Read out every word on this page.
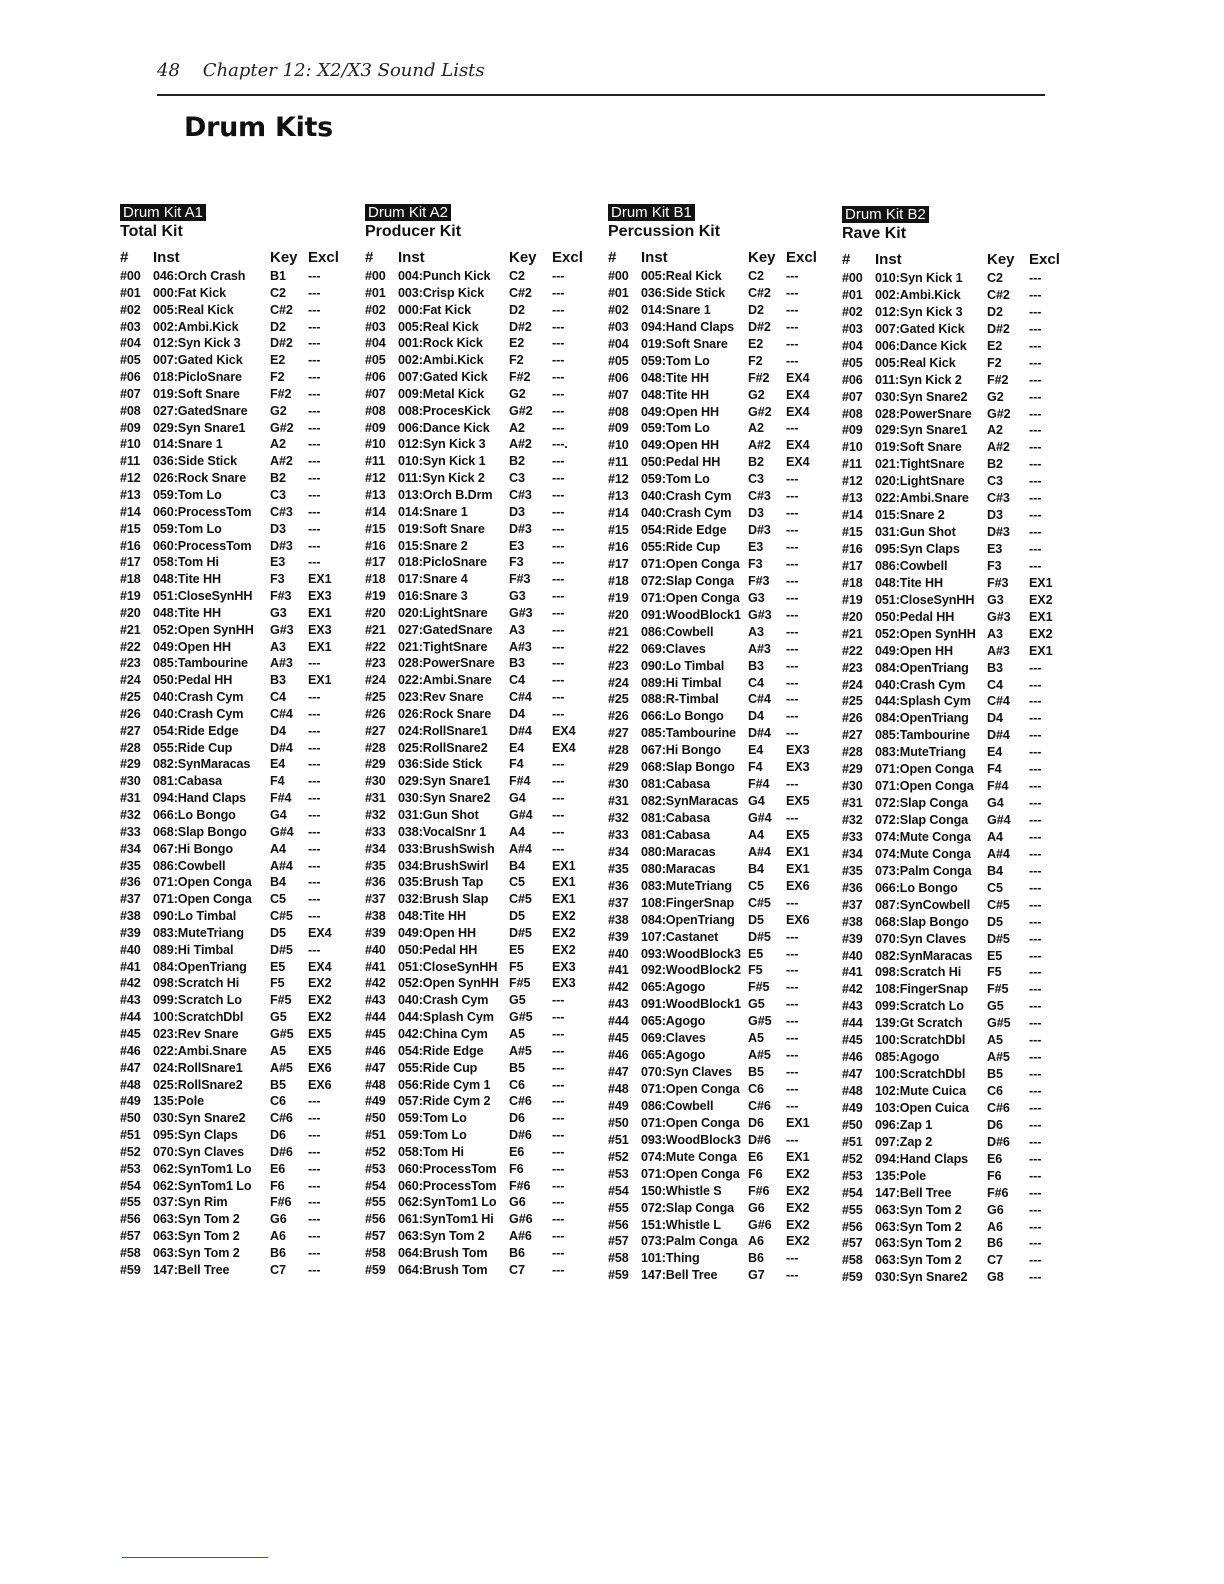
48 Chapter 12: X2/X3 Sound Lists
Drum Kits
Drum Kit A1
Total Kit
# Inst	Key Excl
#00 046:Orch Crash B1 ---
#01 000:Fat Kick	C2 ---
#02 005:Real Kick	C#2 ---
#03 002:Ambi.Kick	D2 ---
#04 012:Syn Kick 3 D#2 ---
#05 007:Gated Kick E2 ---
#06 018:PicloSnare F2 ---
#07 019:Soft Snare F#2 ---
#08 027:GatedSnare G2 ---
#09 029:Syn Snare1 G#2 ---
#10 014:Snare 1	A2 ---
#11 036:Side Stick	A#2 ---
#12 026:Rock Snare B2 ---
#13 059:Tom Lo	C3 ---
#14 060:ProcessTom C#3 ---
#15 059:Tom Lo	D3 ---
#16 060:ProcessTom D#3 ---
#17 058:Tom Hi	E3 ---
#18 048:Tite HH	F3 EX1
#19 051:CloseSynHH F#3 EX3
#20 048:Tite HH	G3 EX1
#21 052:Open SynHH G#3 EX3
#22 049:Open HH	A3 EX1
#23 085:Tambourine A#3 ---
#24 050:Pedal HH	B3 EX1
#25 040:Crash Cym C4 ---
#26 040:Crash Cym C#4 ---
#27 054:Ride Edge	D4 ---
#28 055:Ride Cup	D#4 ---
#29 082:SynMaracas E4 ---
#30 081:Cabasa	F4 ---
#31 094:Hand Claps F#4 ---
#32 066:Lo Bongo	G4 ---
#33 068:Slap Bongo G#4 ---
#34 067:Hi Bongo	A4 ---
#35 086:Cowbell	A#4 ---
#36 071:Open Conga B4 ---
#37 071:Open Conga C5 ---
#38 090:Lo Timbal	C#5 ---
#39 083:MuteTriang D5 EX4
#40 089:Hi Timbal	D#5 ---
#41 084:OpenTriang E5 EX4
#42 098:Scratch Hi F5 EX2
#43 099:Scratch Lo F#5 EX2
#44 100:ScratchDbl G5 EX2
#45 023:Rev Snare G#5 EX5
#46 022:Ambi.Snare A5 EX5
#47 024:RollSnare1 A#5 EX6
#48 025:RollSnare2 B5 EX6
#49 135:Pole	C6 ---
#50 030:Syn Snare2 C#6 ---
#51 095:Syn Claps	D6 ---
#52 070:Syn Claves D#6 ---
#53 062:SynTom1 Lo E6 ---
#54 062:SynTom1 Lo F6 ---
#55 037:Syn Rim	F#6 ---
#56 063:Syn Tom 2 G6 ---
#57 063:Syn Tom 2 A6 ---
#58 063:Syn Tom 2 B6 ---
#59 147:Bell Tree	C7 ---
Drum Kit A2
Producer Kit
# Inst	Key Excl
#00 004:Punch Kick C2 ---
#01 003:Crisp Kick C#2 ---
#02 000:Fat Kick	D2 ---
#03 005:Real Kick D#2 ---
#04 001:Rock Kick E2 ---
#05 002:Ambi.Kick F2 ---
#06 007:Gated Kick F#2 ---
#07 009:Metal Kick G2 ---
#08 008:ProcesKick G#2 ---
#09 006:Dance Kick A2 ---
#10 012:Syn Kick 3 A#2 ---.
#11 010:Syn Kick 1 B2 ---
#12 011:Syn Kick 2 C3 ---
#13 013:Orch B.Drm C#3 ---
#14 014:Snare 1	D3 ---
#15 019:Soft Snare D#3 ---
#16 015:Snare 2	E3 ---
#17 018:PicloSnare F3 ---
#18 017:Snare 4	F#3 ---
#19 016:Snare 3	G3 ---
#20 020:LightSnare G#3 ---
#21 027:GatedSnare A3 ---
#22 021:TightSnare A#3 ---
#23 028:PowerSnare B3 ---
#24 022:Ambi.Snare C4 ---
#25 023:Rev Snare C#4 ---
#26 026:Rock Snare D4 ---
#27 024:RollSnare1 D#4 EX4
#28 025:RollSnare2 E4 EX4
#29 036:Side Stick F4 ---
#30 029:Syn Snare1 F#4 ---
#31 030:Syn Snare2 G4 ---
#32 031:Gun Shot G#4 ---
#33 038:VocalSnr 1 A4 ---
#34 033:BrushSwish A#4 ---
#35 034:BrushSwirl B4 EX1
#36 035:Brush Tap C5 EX1
#37 032:Brush Slap C#5 EX1
#38 048:Tite HH	D5 EX2
#39 049:Open HH	D#5 EX2
#40 050:Pedal HH	E5 EX2
#41 051:CloseSynHH F5 EX3
#42 052:Open SynHH F#5 EX3
#43 040:Crash Cym G5 ---
#44 044:Splash Cym G#5 ---
#45 042:China Cym A5 ---
#46 054:Ride Edge A#5 ---
#47 055:Ride Cup	B5 ---
#48 056:Ride Cym 1 C6 ---
#49 057:Ride Cym 2 C#6 ---
#50 059:Tom Lo	D6 ---
#51 059:Tom Lo	D#6 ---
#52 058:Tom Hi	E6 ---
#53 060:ProcessTom F6 ---
#54 060:ProcessTom F#6 ---
#55 062:SynTom1 Lo G6 ---
#56 061:SynTom1 Hi G#6 ---
#57 063:Syn Tom 2 A#6 ---
#58 064:Brush Tom B6 ---
#59 064:Brush Tom C7 ---
Drum Kit B1
Percussion Kit
# Inst	Key Excl
#00 005:Real Kick C2 ---
#01 036:Side Stick C#2 ---
#02 014:Snare 1	D2 ---
#03 094:Hand Claps D#2 ---
#04 019:Soft Snare E2 ---
#05 059:Tom Lo	F2 ---
#06 048:Tite HH	F#2 EX4
#07 048:Tite HH	G2 EX4
#08 049:Open HH G#2 EX4
#09 059:Tom Lo	A2 ---
#10 049:Open HH A#2 EX4
#11 050:Pedal HH B2 EX4
#12 059:Tom Lo	C3 ---
#13 040:Crash Cym C#3 ---
#14 040:Crash Cym D3 ---
#15 054:Ride Edge D#3 ---
#16 055:Ride Cup E3 ---
#17 071:Open Conga F3 ---
#18 072:Slap Conga F#3 ---
#19 071:Open Conga G3 ---
#20 091:WoodBlock1 G#3 ---
#21 086:Cowbell	A3 ---
#22 069:Claves	A#3 ---
#23 090:Lo Timbal B3 ---
#24 089:Hi Timbal C4 ---
#25 088:R-Timbal C#4 ---
#26 066:Lo Bongo D4 ---
#27 085:Tambourine D#4 ---
#28 067:Hi Bongo E4 EX3
#29 068:Slap Bongo F4 EX3
#30 081:Cabasa	F#4 ---
#31 082:SynMaracas G4 EX5
#32 081:Cabasa	G#4 ---
#33 081:Cabasa	A4 EX5
#34 080:Maracas	A#4 EX1
#35 080:Maracas	B4 EX1
#36 083:MuteTriang C5 EX6
#37 108:FingerSnap C#5 ---
#38 084:OpenTriang D5 EX6
#39 107:Castanet D#5 ---
#40 093:WoodBlock3 E5 ---
#41 092:WoodBlock2 F5 ---
#42 065:Agogo	F#5 ---
#43 091:WoodBlock1 G5 ---
#44 065:Agogo	G#5 ---
#45 069:Claves	A5 ---
#46 065:Agogo	A#5 ---
#47 070:Syn Claves B5 ---
#48 071:Open Conga C6 ---
#49 086:Cowbell	C#6 ---
#50 071:Open Conga D6 EX1
#51 093:WoodBlock3 D#6 ---
#52 074:Mute Conga E6 EX1
#53 071:Open Conga F6 EX2
#54 150:Whistle S F#6 EX2
#55 072:Slap Conga G6 EX2
#56 151:Whistle L G#6 EX2
#57 073:Palm Conga A6 EX2
#58 101:Thing	B6 ---
#59 147:Bell Tree G7 ---
Drum Kit B2
Rave Kit
# Inst	Key Excl
#00 010:Syn Kick 1 C2 ---
#01 002:Ambi.Kick C#2 ---
#02 012:Syn Kick 3 D2 ---
#03 007:Gated Kick D#2 ---
#04 006:Dance Kick E2 ---
#05 005:Real Kick F2 ---
#06 011:Syn Kick 2 F#2 ---
#07 030:Syn Snare2 G2 ---
#08 028:PowerSnare G#2 ---
#09 029:Syn Snare1 A2 ---
#10 019:Soft Snare A#2 ---
#11 021:TightSnare B2 ---
#12 020:LightSnare C3 ---
#13 022:Ambi.Snare C#3 ---
#14 015:Snare 2	D3 ---
#15 031:Gun Shot D#3 ---
#16 095:Syn Claps E3 ---
#17 086:Cowbell	F3 ---
#18 048:Tite HH	F#3 EX1
#19 051:CloseSynHH G3 EX2
#20 050:Pedal HH	G#3 EX1
#21 052:Open SynHH A3 EX2
#22 049:Open HH	A#3 EX1
#23 084:OpenTriang B3 ---
#24 040:Crash Cym C4 ---
#25 044:Splash Cym C#4 ---
#26 084:OpenTriang D4 ---
#27 085:Tambourine D#4 ---
#28 083:MuteTriang E4 ---
#29 071:Open Conga F4 ---
#30 071:Open Conga F#4 ---
#31 072:Slap Conga G4 ---
#32 072:Slap Conga G#4 ---
#33 074:Mute Conga A4 ---
#34 074:Mute Conga A#4 ---
#35 073:Palm Conga B4 ---
#36 066:Lo Bongo C5 ---
#37 087:SynCowbell C#5 ---
#38 068:Slap Bongo D5 ---
#39 070:Syn Claves D#5 ---
#40 082:SynMaracas E5 ---
#41 098:Scratch Hi F5 ---
#42 108:FingerSnap F#5 ---
#43 099:Scratch Lo G5 ---
#44 139:Gt Scratch G#5 ---
#45 100:ScratchDbl A5 ---
#46 085:Agogo	A#5 ---
#47 100:ScratchDbl B5 ---
#48 102:Mute Cuica C6 ---
#49 103:Open Cuica C#6 ---
#50 096:Zap 1	D6 ---
#51 097:Zap 2	D#6 ---
#52 094:Hand Claps E6 ---
#53 135:Pole	F6 ---
#54 147:Bell Tree	F#6 ---
#55 063:Syn Tom 2 G6 ---
#56 063:Syn Tom 2 A6 ---
#57 063:Syn Tom 2 B6 ---
#58 063:Syn Tom 2 C7 ---
#59 030:Syn Snare2 G8 ---
